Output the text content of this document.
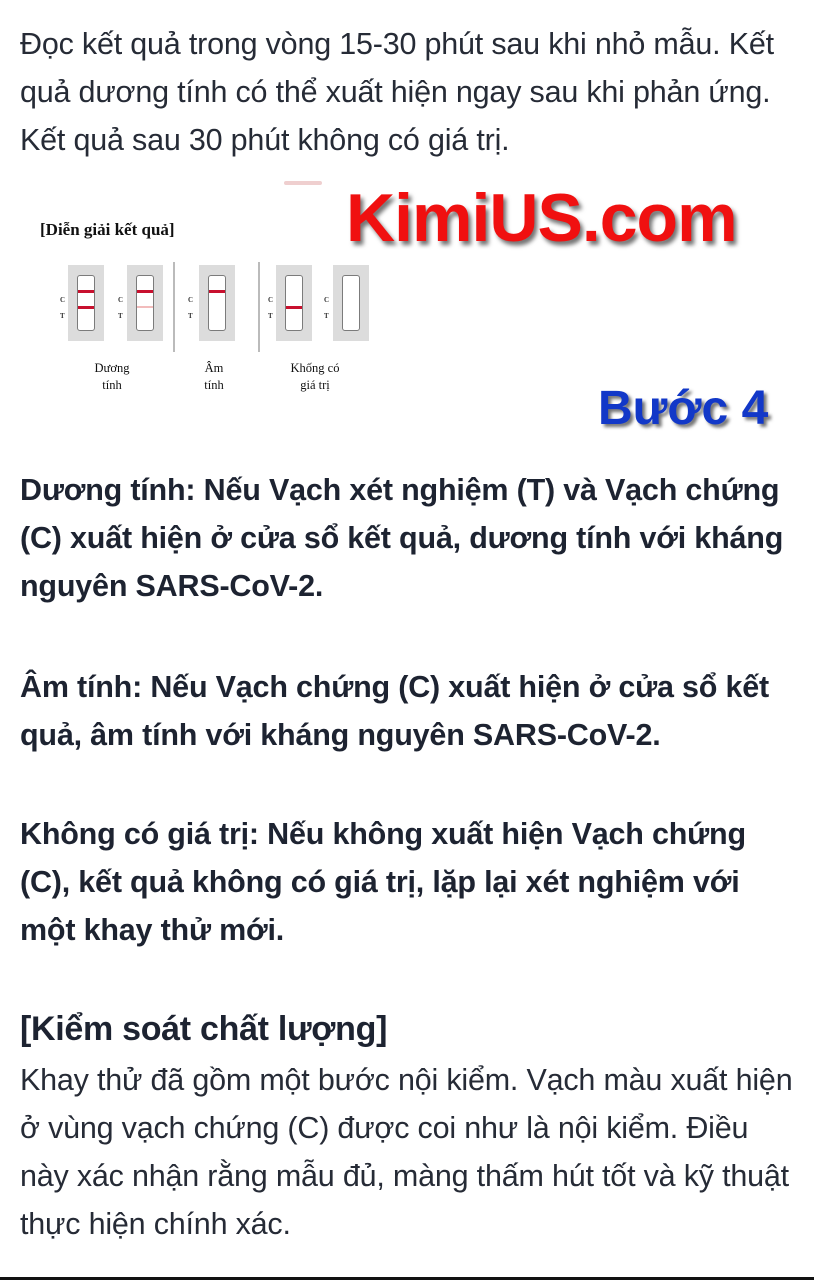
Đọc kết quả trong vòng 15-30 phút sau khi nhỏ mẫu. Kết quả dương tính có thể xuất hiện ngay sau khi phản ứng. Kết quả sau 30 phút không có giá trị.
[Diễn giải kết quả]
C
T
C
T
Dương
tính
C
T
Âm
tính
C
T
C
T
Khống có
giá trị
KimiUS.com
Bước 4
Dương tính: Nếu Vạch xét nghiệm (T) và Vạch chứng (C) xuất hiện ở cửa sổ kết quả, dương tính với kháng nguyên SARS-CoV-2.
Âm tính: Nếu Vạch chứng (C) xuất hiện ở cửa sổ kết quả, âm tính với kháng nguyên SARS-CoV-2.
Không có giá trị: Nếu không xuất hiện Vạch chứng (C), kết quả không có giá trị, lặp lại xét nghiệm với một khay thử mới.
[Kiểm soát chất lượng]
Khay thử đã gồm một bước nội kiểm. Vạch màu xuất hiện ở vùng vạch chứng (C) được coi như là nội kiểm. Điều này xác nhận rằng mẫu đủ, màng thấm hút tốt và kỹ thuật thực hiện chính xác.
